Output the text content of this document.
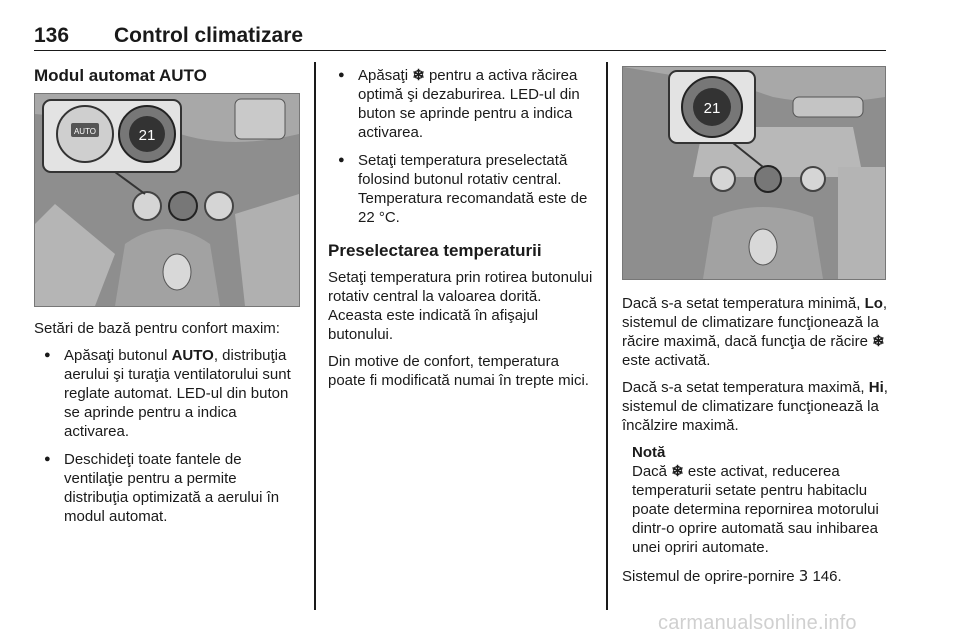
136 Control climatizare
Modul automat AUTO
AUTO	21

Setări de bază pentru confort maxim:

● Apăsaţi butonul AUTO, distribuţia aerului şi turaţia ventilatorului sunt reglate automat. LED-ul din buton se aprinde pentru a indica activarea.
● Deschideţi toate fantele de ventilaţie pentru a permite distribuţia optimizată a aerului în modul automat.
● Apăsaţi ❄ pentru a activa răcirea optimă şi dezaburirea. LED-ul din buton se aprinde pentru a indica activarea.
● Setaţi temperatura preselectată folosind butonul rotativ central. Temperatura recomandată este de 22 °C.
Preselectarea temperaturii

Setaţi temperatura prin rotirea butonului rotativ central la valoarea dorită. Aceasta este indicată în afişajul butonului.

Din motive de confort, temperatura poate fi modificată numai în trepte mici.

21

Dacă s-a setat temperatura minimă, Lo, sistemul de climatizare funcţionează la răcire maximă, dacă funcţia de răcire ❄ este activată.

Dacă s-a setat temperatura maximă, Hi, sistemul de climatizare funcţionează la încălzire maximă.

Notă
Dacă ❄ este activat, reducerea temperaturii setate pentru habitaclu poate determina repornirea motorului dintr-o oprire automată sau inhibarea unei opriri automate.

Sistemul de oprire-pornire 3 146.

carmanualsonline.info
